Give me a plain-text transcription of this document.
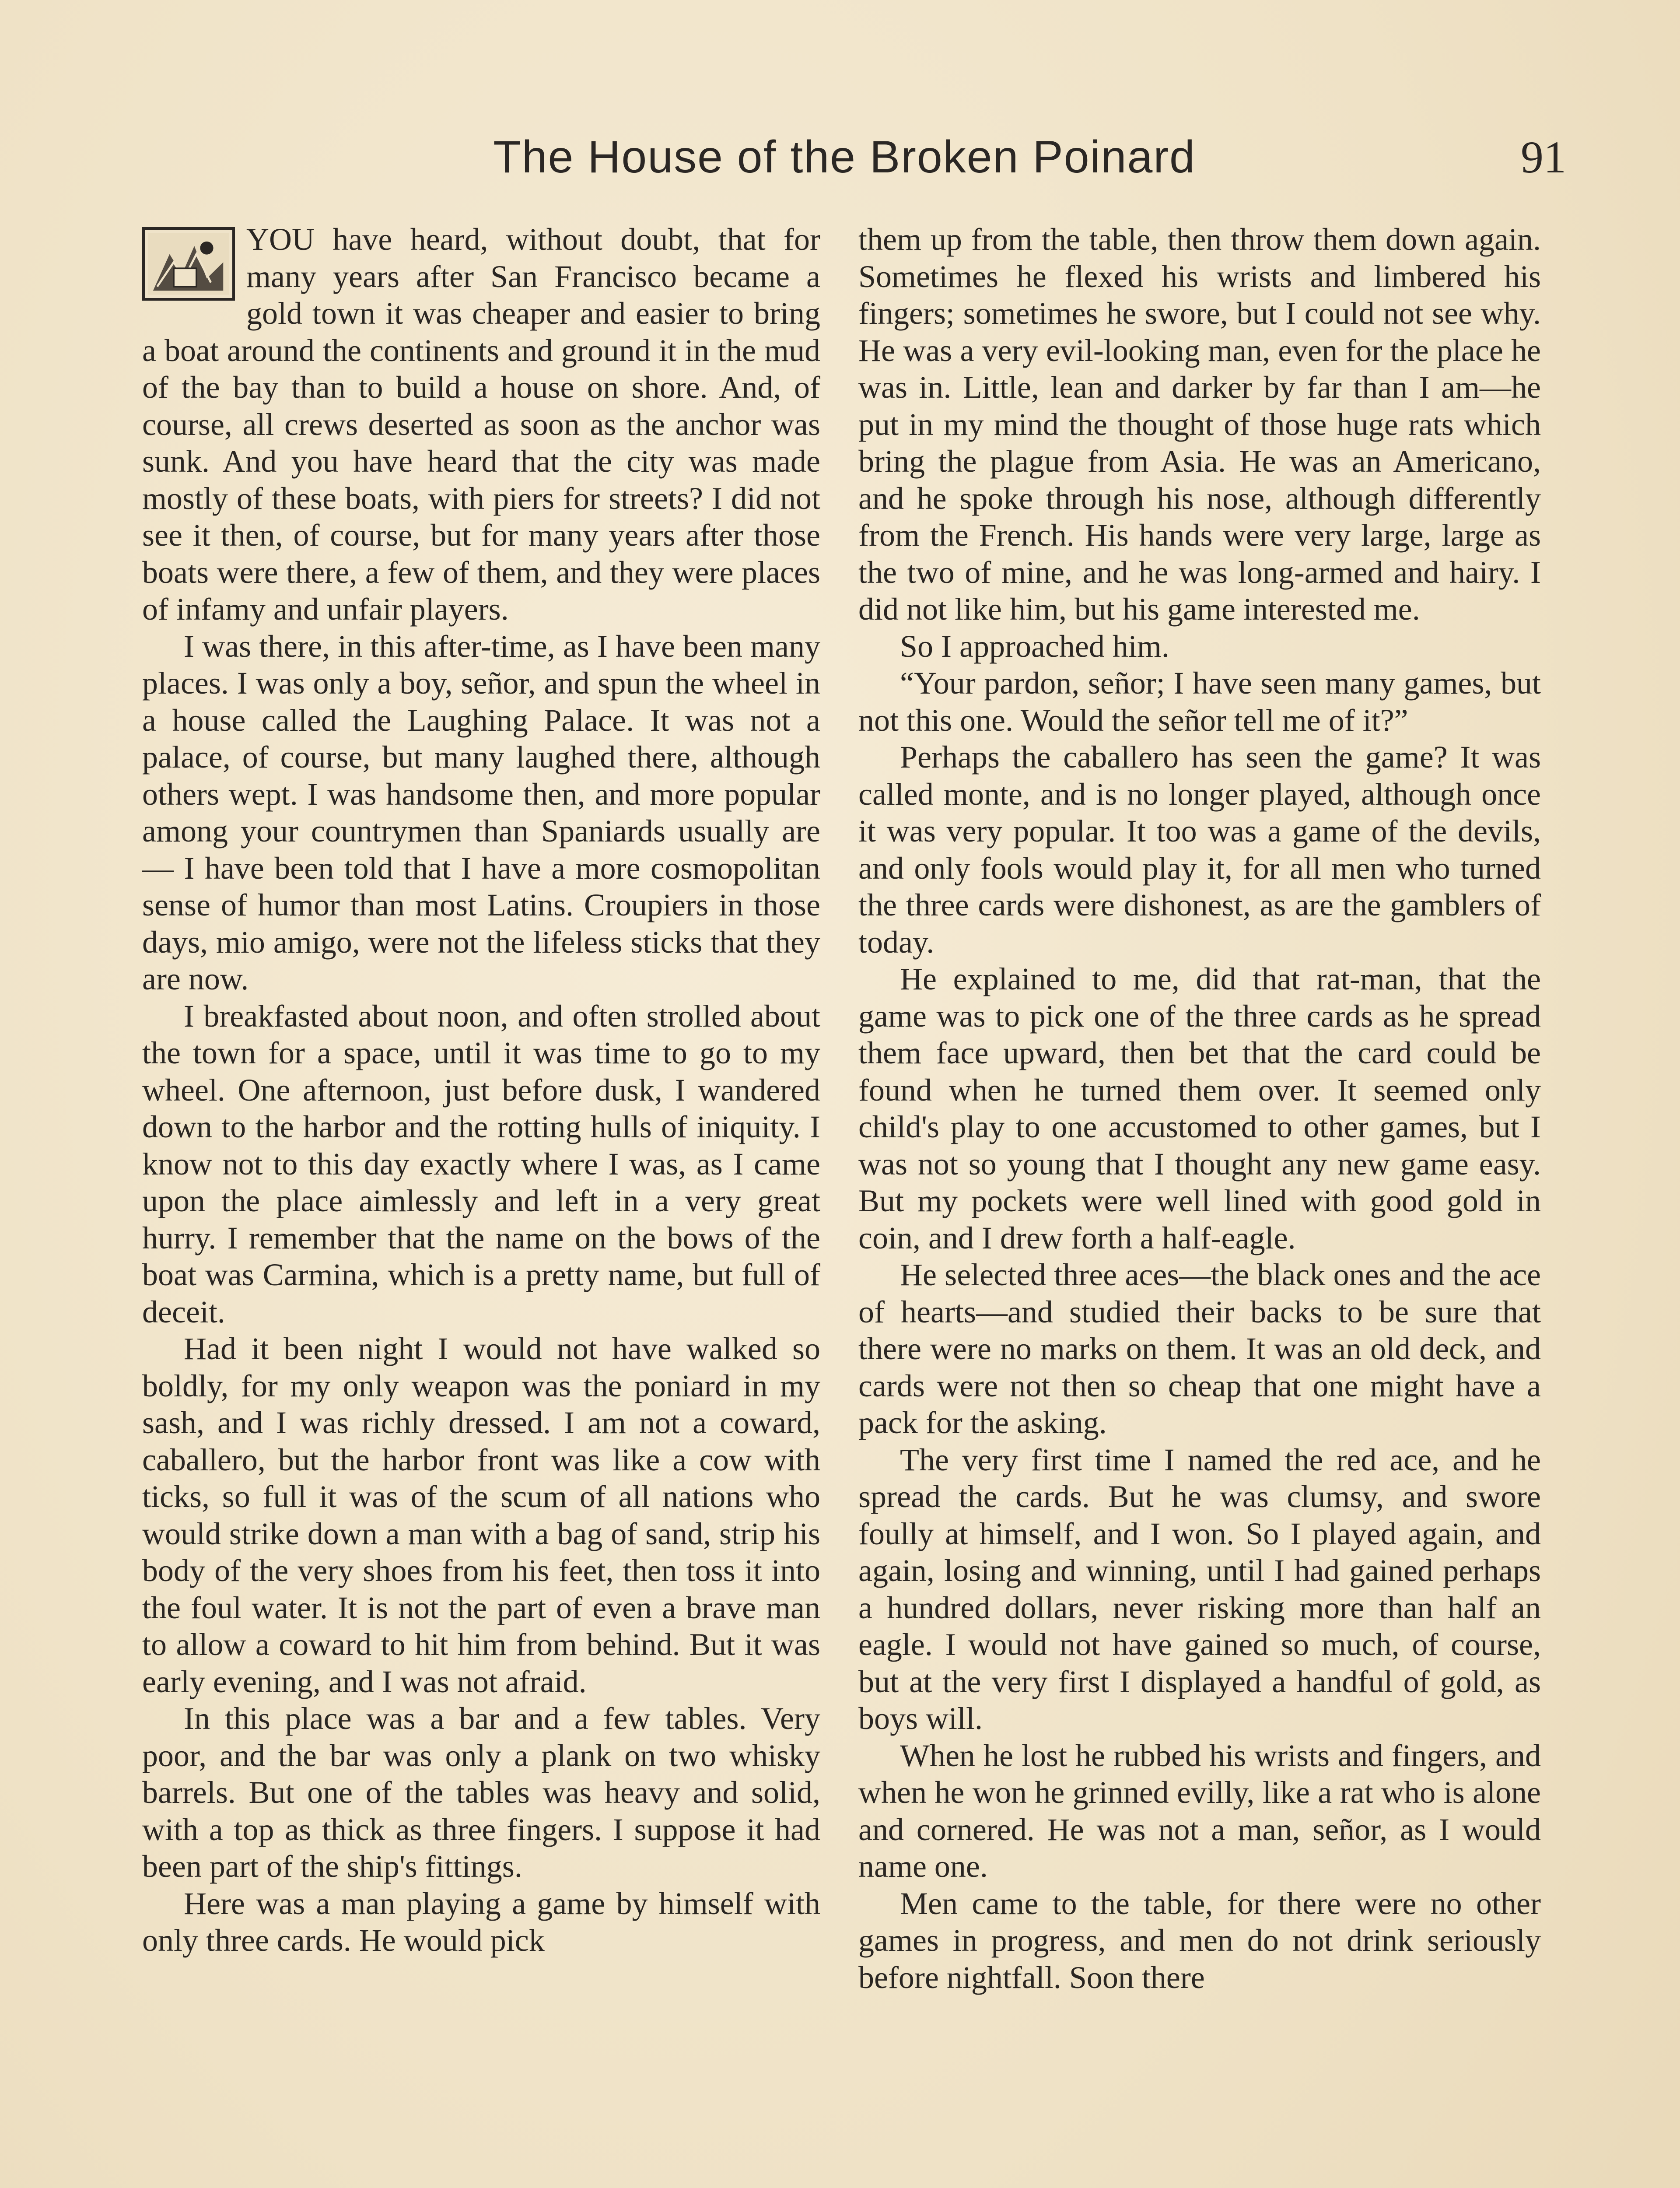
The House of the Broken Poinard	91

YOU have heard, without doubt, that for many years after San Francisco became a gold town it was cheaper and easier to bring a boat around the continents and ground it in the mud of the bay than to build a house on shore. And, of course, all crews deserted as soon as the anchor was sunk. And you have heard that the city was made mostly of these boats, with piers for streets? I did not see it then, of course, but for many years after those boats were there, a few of them, and they were places of infamy and unfair players.

I was there, in this after-time, as I have been many places. I was only a boy, señor, and spun the wheel in a house called the Laughing Palace. It was not a palace, of course, but many laughed there, although others wept. I was handsome then, and more popular among your countrymen than Spaniards usually are— I have been told that I have a more cosmopolitan sense of humor than most Latins. Croupiers in those days, mio amigo, were not the lifeless sticks that they are now.

I breakfasted about noon, and often strolled about the town for a space, until it was time to go to my wheel. One afternoon, just before dusk, I wandered down to the harbor and the rotting hulls of iniquity. I know not to this day exactly where I was, as I came upon the place aimlessly and left in a very great hurry. I remember that the name on the bows of the boat was Carmina, which is a pretty name, but full of deceit.

Had it been night I would not have walked so boldly, for my only weapon was the poniard in my sash, and I was richly dressed. I am not a coward, caballero, but the harbor front was like a cow with ticks, so full it was of the scum of all nations who would strike down a man with a bag of sand, strip his body of the very shoes from his feet, then toss it into the foul water. It is not the part of even a brave man to allow a coward to hit him from behind. But it was early evening, and I was not afraid.

In this place was a bar and a few tables. Very poor, and the bar was only a plank on two whisky barrels. But one of the tables was heavy and solid, with a top as thick as three fingers. I suppose it had been part of the ship's fittings.

Here was a man playing a game by himself with only three cards. He would pick

them up from the table, then throw them down again. Sometimes he flexed his wrists and limbered his fingers; sometimes he swore, but I could not see why. He was a very evil-looking man, even for the place he was in. Little, lean and darker by far than I am—he put in my mind the thought of those huge rats which bring the plague from Asia. He was an Americano, and he spoke through his nose, although differently from the French. His hands were very large, large as the two of mine, and he was long-armed and hairy. I did not like him, but his game interested me.

So I approached him.

“Your pardon, señor; I have seen many games, but not this one. Would the señor tell me of it?”

Perhaps the caballero has seen the game? It was called monte, and is no longer played, although once it was very popular. It too was a game of the devils, and only fools would play it, for all men who turned the three cards were dishonest, as are the gamblers of today.

He explained to me, did that rat-man, that the game was to pick one of the three cards as he spread them face upward, then bet that the card could be found when he turned them over. It seemed only child's play to one accustomed to other games, but I was not so young that I thought any new game easy. But my pockets were well lined with good gold in coin, and I drew forth a half-eagle.

He selected three aces—the black ones and the ace of hearts—and studied their backs to be sure that there were no marks on them. It was an old deck, and cards were not then so cheap that one might have a pack for the asking.

The very first time I named the red ace, and he spread the cards. But he was clumsy, and swore foully at himself, and I won. So I played again, and again, losing and winning, until I had gained perhaps a hundred dollars, never risking more than half an eagle. I would not have gained so much, of course, but at the very first I displayed a handful of gold, as boys will.

When he lost he rubbed his wrists and fingers, and when he won he grinned evilly, like a rat who is alone and cornered. He was not a man, señor, as I would name one.

Men came to the table, for there were no other games in progress, and men do not drink seriously before nightfall. Soon there
